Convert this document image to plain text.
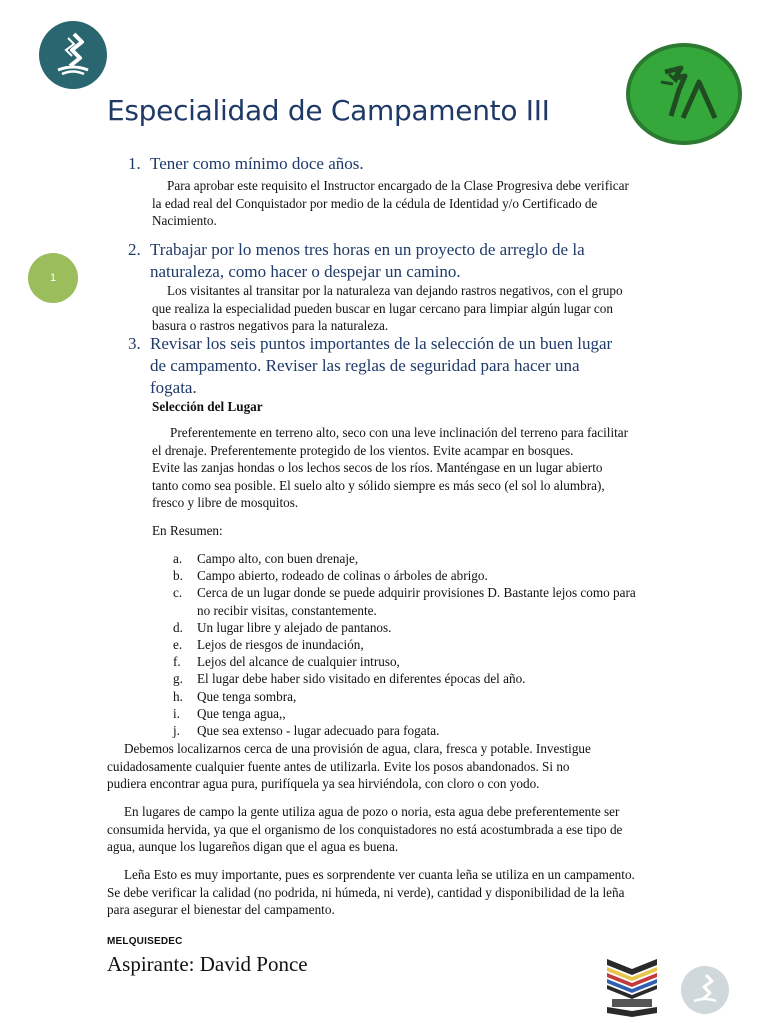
Especialidad de Campamento III
1
1. Tener como mínimo doce años.

Para aprobar este requisito el Instructor encargado de la Clase Progresiva debe verificar

la edad real del Conquistador por medio de la cédula de Identidad y/o Certificado de

Nacimiento.

2. Trabajar por lo menos tres horas en un proyecto de arreglo de la
naturaleza, como hacer o despejar un camino.

Los visitantes al transitar por la naturaleza van dejando rastros negativos, con el grupo

que realiza la especialidad pueden buscar en lugar cercano para limpiar algún lugar con

basura o rastros negativos para la naturaleza.

3. Revisar los seis puntos importantes de la selección de un buen lugar
de campamento. Reviser las reglas de seguridad para hacer una
fogata.
Selección del Lugar

Preferentemente en terreno alto, seco con una leve inclinación del terreno para facilitar

el drenaje. Preferentemente protegido de los vientos. Evite acampar en bosques.

Evite las zanjas hondas o los lechos secos de los ríos. Manténgase en un lugar abierto

tanto como sea posible. El suelo alto y sólido siempre es más seco (el sol lo alumbra),

fresco y libre de mosquitos.

En Resumen:
a. Campo alto, con buen drenaje,
b. Campo abierto, rodeado de colinas o árboles de abrigo.
c. Cerca de un lugar donde se puede adquirir provisiones D. Bastante lejos como para
no recibir visitas, constantemente.
d. Un lugar libre y alejado de pantanos.
e. Lejos de riesgos de inundación,
f. Lejos del alcance de cualquier intruso,
g. El lugar debe haber sido visitado en diferentes épocas del año.
h. Que tenga sombra,
i. Que tenga agua,,
j. Que sea extenso - lugar adecuado para fogata.

Debemos localizarnos cerca de una provisión de agua, clara, fresca y potable. Investigue

cuidadosamente cualquier fuente antes de utilizarla. Evite los posos abandonados. Si no

pudiera encontrar agua pura, purifíquela ya sea hirviéndola, con cloro o con yodo.

En lugares de campo la gente utiliza agua de pozo o noria, esta agua debe preferentemente ser

consumida hervida, ya que el organismo de los conquistadores no está acostumbrada a ese tipo de

agua, aunque los lugareños digan que el agua es buena.

Leña Esto es muy importante, pues es sorprendente ver cuanta leña se utiliza en un campamento.

Se debe verificar la calidad (no podrida, ni húmeda, ni verde), cantidad y disponibilidad de la leña

para asegurar el bienestar del campamento.

MELQUISEDEC
Aspirante: David Ponce
